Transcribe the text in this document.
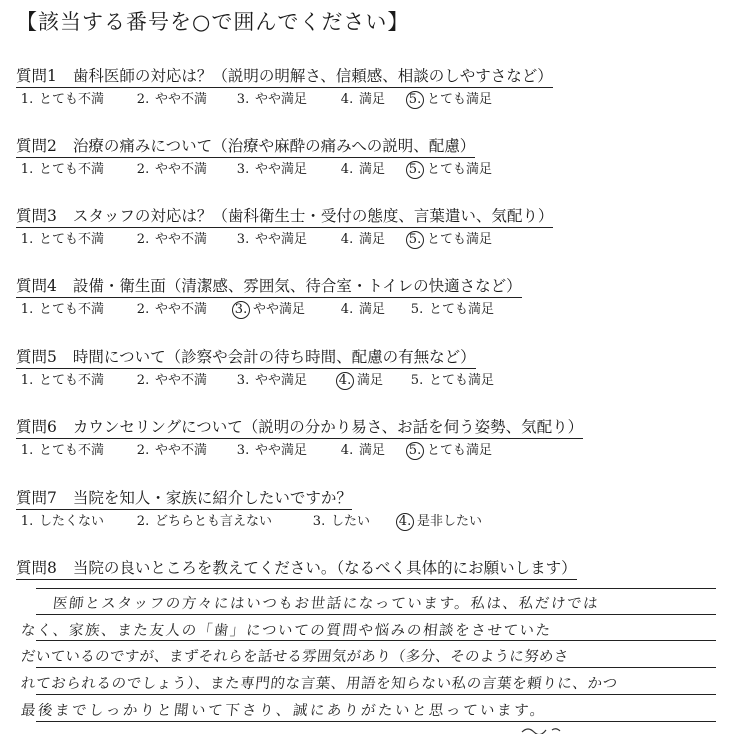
【該当する番号を○で囲んでください】
質問1 歯科医師の対応は？（説明の明解さ、信頼感、相談のしやすさなど）
1. とても不満	2. やや不満 3. やや満足	4. 満足 5. とても満足
質問2 治療の痛みについて（治療や麻酔の痛みへの説明、配慮）
1. とても不満	2. やや不満 3. やや満足	4. 満足 5. とても満足
質問3 スタッフの対応は？（歯科衛生士・受付の態度、言葉遣い、気配り）
1. とても不満	2. やや不満 3. やや満足	4. 満足 5. とても満足
質問4 設備・衛生面（清潔感、雰囲気、待合室・トイレの快適さなど）
1. とても不満	2. やや不満 3. やや満足	4. 満足 5. とても満足
質問5 時間について（診察や会計の待ち時間、配慮の有無など）
1. とても不満	2. やや不満 3. やや満足 4. 満足 5. とても満足
質問6 カウンセリングについて（説明の分かり易さ、お話を伺う姿勢、気配り）
1. とても不満	2. やや不満 3. やや満足	4. 満足 5. とても満足
質問7 当院を知人・家族に紹介したいですか？
1. したくない	2. どちらとも言えない	3. したい 4. 是非したい
質問8 当院の良いところを教えてください。（なるべく具体的にお願いします）
医師とスタッフの方々にはいつもお世話になっています。私は、私だけでは
なく、家族、また友人の「歯」についての質問や悩みの相談をさせていた
だいているのですが、まずそれらを話せる雰囲気があり（多分、そのように努めさ
れておられるのでしょう）、また専門的な言葉、用語を知らない私の言葉を頼りに、かつ
最後までしっかりと聞いて下さり、誠にありがたいと思っています。
